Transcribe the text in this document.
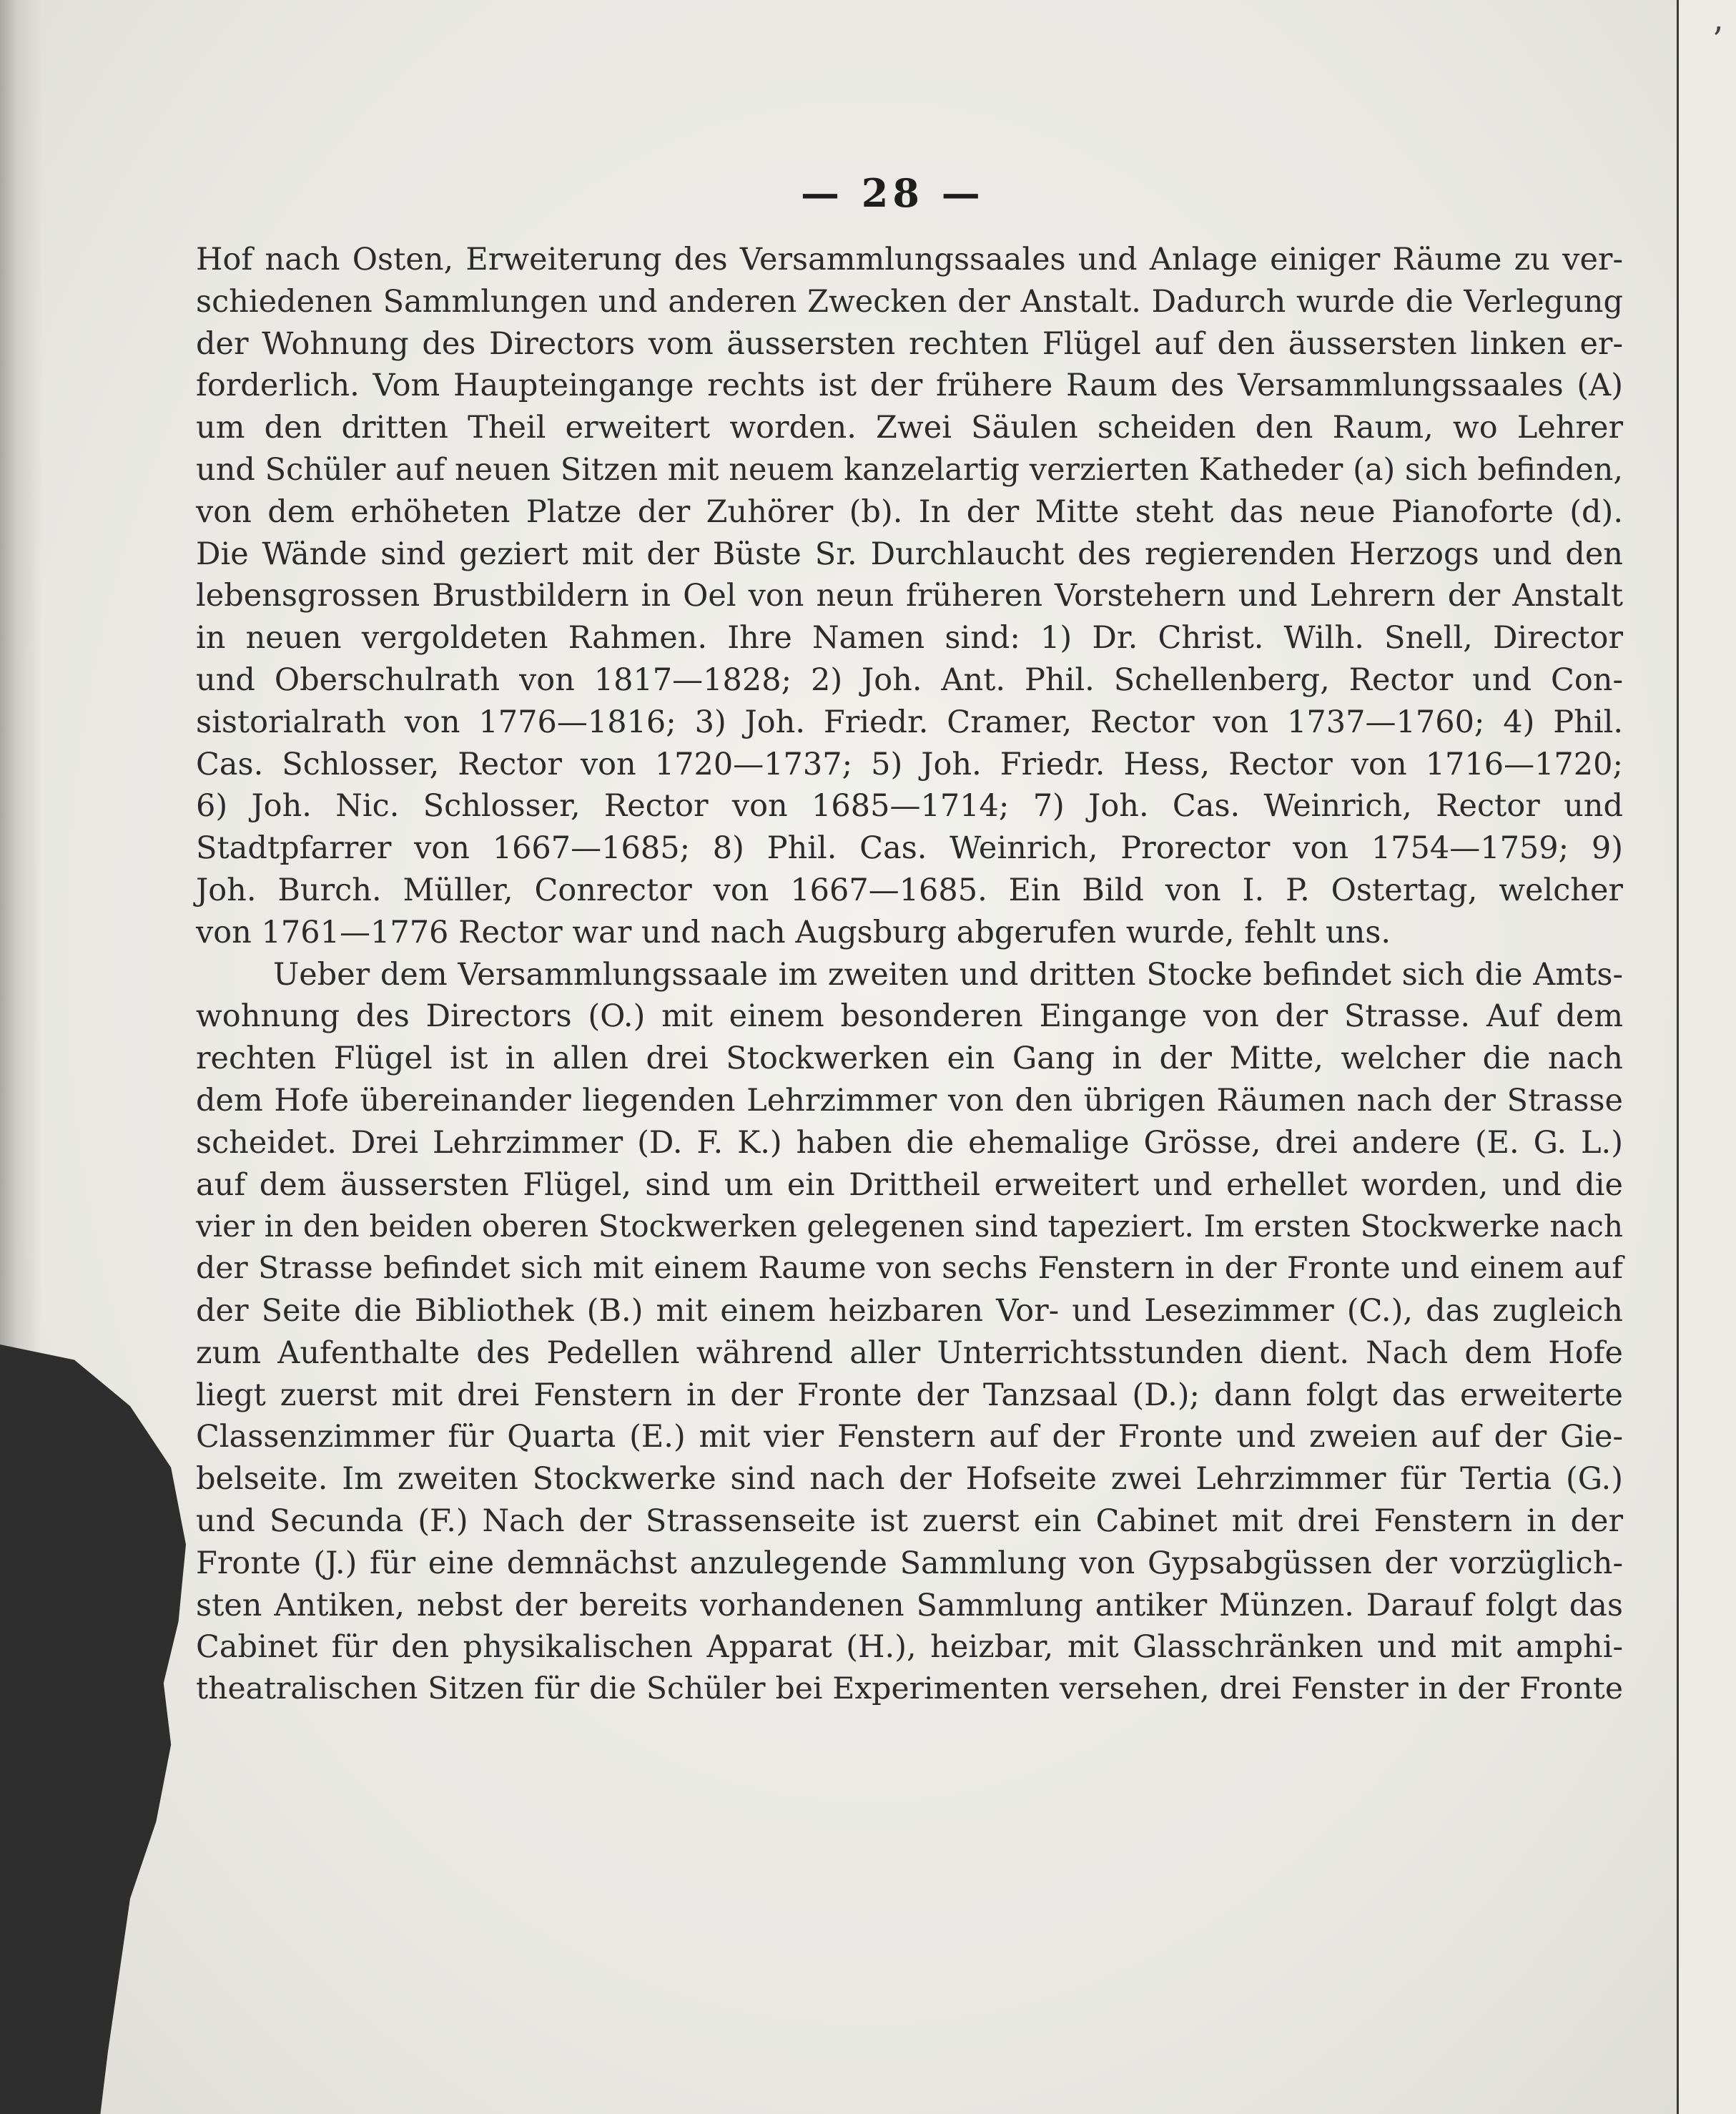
’
— 28 —
Hof nach Osten, Erweiterung des Versammlungssaales und Anlage einiger Räume zu ver-
schiedenen Sammlungen und anderen Zwecken der Anstalt. Dadurch wurde die Verlegung
der Wohnung des Directors vom äussersten rechten Flügel auf den äussersten linken er-
forderlich. Vom Haupteingange rechts ist der frühere Raum des Versammlungssaales (A)
um den dritten Theil erweitert worden. Zwei Säulen scheiden den Raum, wo Lehrer
und Schüler auf neuen Sitzen mit neuem kanzelartig verzierten Katheder (a) sich befinden,
von dem erhöheten Platze der Zuhörer (b). In der Mitte steht das neue Pianoforte (d).
Die Wände sind geziert mit der Büste Sr. Durchlaucht des regierenden Herzogs und den
lebensgrossen Brustbildern in Oel von neun früheren Vorstehern und Lehrern der Anstalt
in neuen vergoldeten Rahmen. Ihre Namen sind: 1) Dr. Christ. Wilh. Snell, Director
und Oberschulrath von 1817—1828; 2) Joh. Ant. Phil. Schellenberg, Rector und Con-
sistorialrath von 1776—1816; 3) Joh. Friedr. Cramer, Rector von 1737—1760; 4) Phil.
Cas. Schlosser, Rector von 1720—1737; 5) Joh. Friedr. Hess, Rector von 1716—1720;
6) Joh. Nic. Schlosser, Rector von 1685—1714; 7) Joh. Cas. Weinrich, Rector und
Stadtpfarrer von 1667—1685; 8) Phil. Cas. Weinrich, Prorector von 1754—1759; 9)
Joh. Burch. Müller, Conrector von 1667—1685. Ein Bild von I. P. Ostertag, welcher
von 1761—1776 Rector war und nach Augsburg abgerufen wurde, fehlt uns.
Ueber dem Versammlungssaale im zweiten und dritten Stocke befindet sich die Amts-
wohnung des Directors (O.) mit einem besonderen Eingange von der Strasse. Auf dem
rechten Flügel ist in allen drei Stockwerken ein Gang in der Mitte, welcher die nach
dem Hofe übereinander liegenden Lehrzimmer von den übrigen Räumen nach der Strasse
scheidet. Drei Lehrzimmer (D. F. K.) haben die ehemalige Grösse, drei andere (E. G. L.)
auf dem äussersten Flügel, sind um ein Drittheil erweitert und erhellet worden, und die
vier in den beiden oberen Stockwerken gelegenen sind tapeziert. Im ersten Stockwerke nach
der Strasse befindet sich mit einem Raume von sechs Fenstern in der Fronte und einem auf
der Seite die Bibliothek (B.) mit einem heizbaren Vor- und Lesezimmer (C.), das zugleich
zum Aufenthalte des Pedellen während aller Unterrichtsstunden dient. Nach dem Hofe
liegt zuerst mit drei Fenstern in der Fronte der Tanzsaal (D.); dann folgt das erweiterte
Classenzimmer für Quarta (E.) mit vier Fenstern auf der Fronte und zweien auf der Gie-
belseite. Im zweiten Stockwerke sind nach der Hofseite zwei Lehrzimmer für Tertia (G.)
und Secunda (F.) Nach der Strassenseite ist zuerst ein Cabinet mit drei Fenstern in der
Fronte (J.) für eine demnächst anzulegende Sammlung von Gypsabgüssen der vorzüglich-
sten Antiken, nebst der bereits vorhandenen Sammlung antiker Münzen. Darauf folgt das
Cabinet für den physikalischen Apparat (H.), heizbar, mit Glasschränken und mit amphi-
theatralischen Sitzen für die Schüler bei Experimenten versehen, drei Fenster in der Fronte
